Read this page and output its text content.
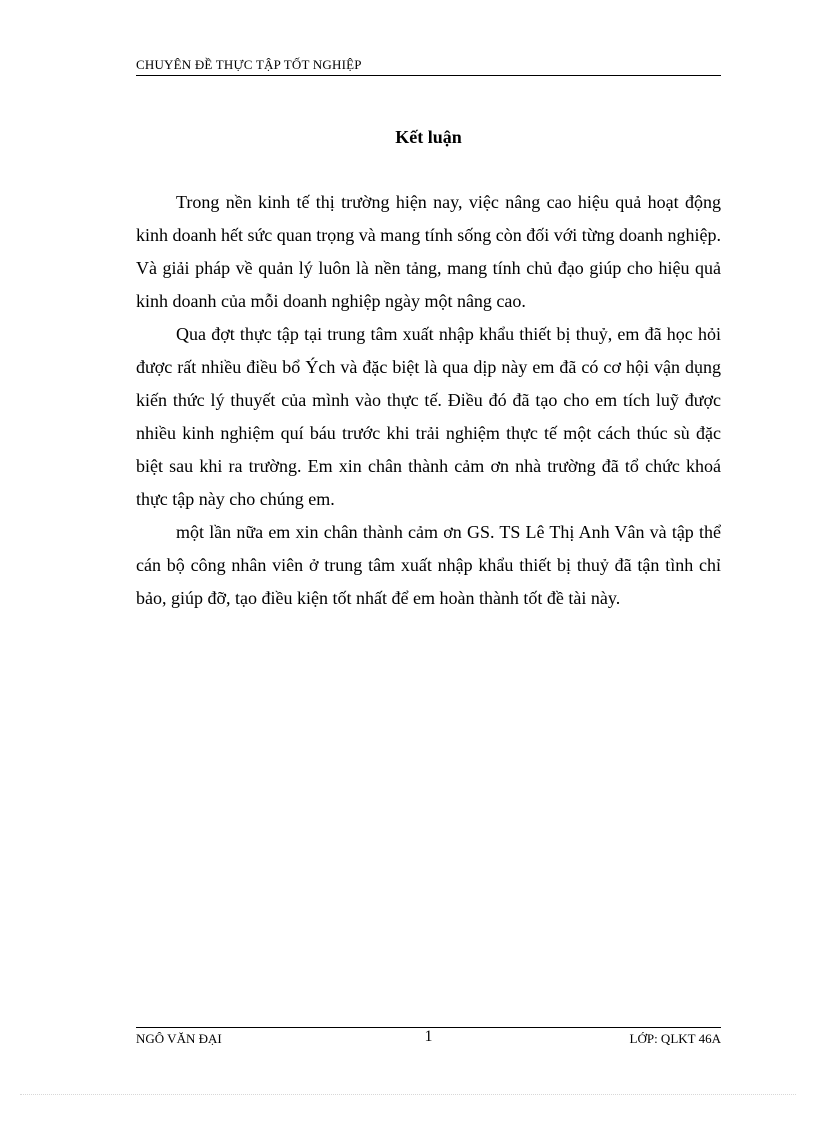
CHUYÊN ĐỀ THỰC TẬP TỐT NGHIỆP
Kết luận

Trong nền kinh tế thị trường hiện nay, việc nâng cao hiệu quả hoạt động kinh doanh hết sức quan trọng và mang tính sống còn đối với từng doanh nghiệp. Và giải pháp về quản lý luôn là nền tảng, mang tính chủ đạo giúp cho hiệu quả kinh doanh của mỗi doanh nghiệp ngày một nâng cao.

Qua đợt thực tập tại trung tâm xuất nhập khẩu thiết bị thuỷ, em đã học hỏi được rất nhiều điều bổ Ých và đặc biệt là qua dịp này em đã có cơ hội vận dụng kiến thức lý thuyết của mình vào thực tế. Điều đó đã tạo cho em tích luỹ được nhiều kinh nghiệm quí báu trước khi trải nghiệm thực tế một cách thúc sù đặc biệt sau khi ra trường. Em xin chân thành cảm ơn nhà trường đã tổ chức khoá thực tập này cho chúng em.

một lần nữa em xin chân thành cảm ơn GS. TS Lê Thị Anh Vân và tập thể cán bộ công nhân viên ở trung tâm xuất nhập khẩu thiết bị thuỷ đã tận tình chỉ bảo, giúp đỡ, tạo điều kiện tốt nhất để em hoàn thành tốt đề tài này.

NGÔ VĂN ĐẠI	1	LỚP: QLKT 46A
